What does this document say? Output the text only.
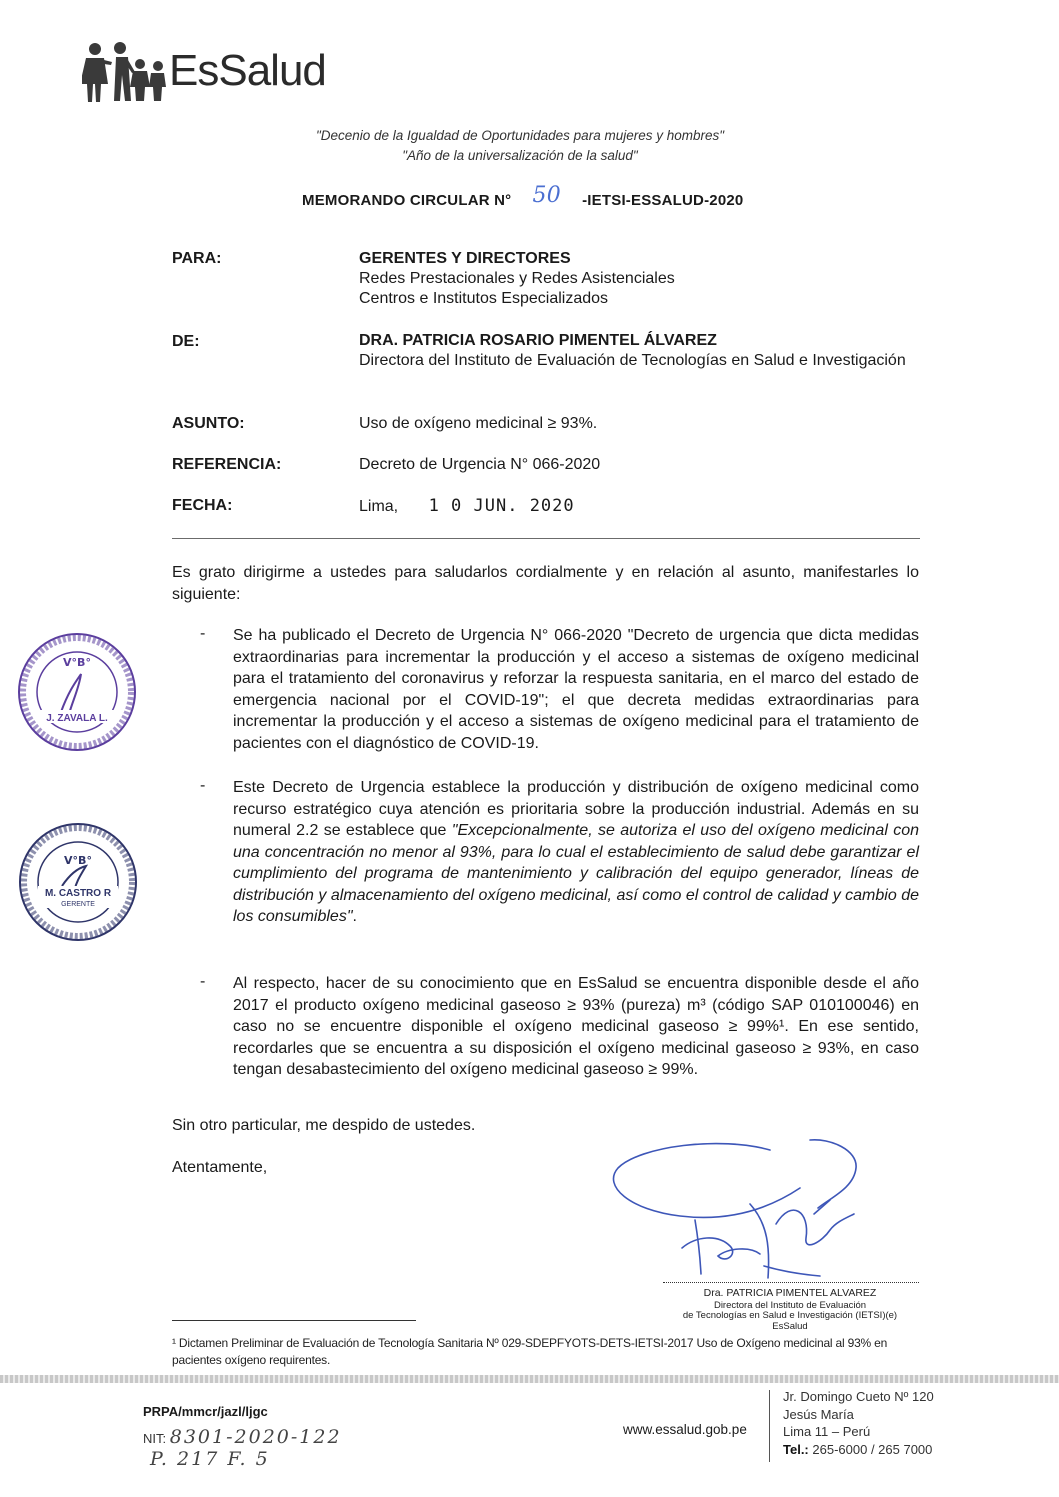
EsSalud
"Decenio de la Igualdad de Oportunidades para mujeres y hombres"
"Año de la universalización de la salud"
MEMORANDO CIRCULAR N° 50 -IETSI-ESSALUD-2020
PARA:	GERENTES Y DIRECTORES
Redes Prestacionales y Redes Asistenciales
Centros e Institutos Especializados
DE:	DRA. PATRICIA ROSARIO PIMENTEL ÁLVAREZ
Directora del Instituto de Evaluación de Tecnologías en Salud e Investigación
ASUNTO:	Uso de oxígeno medicinal ≥ 93%.
REFERENCIA:	Decreto de Urgencia N° 066-2020
FECHA:	Lima, 1 0 JUN. 2020
Es grato dirigirme a ustedes para saludarlos cordialmente y en relación al asunto, manifestarles lo siguiente:
- Se ha publicado el Decreto de Urgencia N° 066-2020 "Decreto de urgencia que dicta medidas extraordinarias para incrementar la producción y el acceso a sistemas de oxígeno medicinal para el tratamiento del coronavirus y reforzar la respuesta sanitaria, en el marco del estado de emergencia nacional por el COVID-19"; el que decreta medidas extraordinarias para incrementar la producción y el acceso a sistemas de oxígeno medicinal para el tratamiento de pacientes con el diagnóstico de COVID-19.
- Este Decreto de Urgencia establece la producción y distribución de oxígeno medicinal como recurso estratégico cuya atención es prioritaria sobre la producción industrial. Además en su numeral 2.2 se establece que "Excepcionalmente, se autoriza el uso del oxígeno medicinal con una concentración no menor al 93%, para lo cual el establecimiento de salud debe garantizar el cumplimiento del programa de mantenimiento y calibración del equipo generador, líneas de distribución y almacenamiento del oxígeno medicinal, así como el control de calidad y cambio de los consumibles".
- Al respecto, hacer de su conocimiento que en EsSalud se encuentra disponible desde el año 2017 el producto oxígeno medicinal gaseoso ≥ 93% (pureza) m³ (código SAP 010100046) en caso no se encuentre disponible el oxígeno medicinal gaseoso ≥ 99%¹. En ese sentido, recordarles que se encuentra a su disposición el oxígeno medicinal gaseoso ≥ 93%, en caso tengan desabastecimiento del oxígeno medicinal gaseoso ≥ 99%.
Sin otro particular, me despido de ustedes.
Atentamente,
V°B°
J. ZAVALA L.
V°B°
M. CASTRO R
GERENTE
Dra. PATRICIA PIMENTEL ALVAREZ
Directora del Instituto de Evaluación
de Tecnologías en Salud e Investigación (IETSI)(e)
EsSalud
¹ Dictamen Preliminar de Evaluación de Tecnología Sanitaria Nº 029-SDEPFYOTS-DETS-IETSI-2017 Uso de Oxígeno medicinal al 93% en pacientes oxígeno requirentes.
PRPA/mmcr/jazl/ljgc
NIT: 8301-2020-122
P. 217 F. 5
www.essalud.gob.pe
Jr. Domingo Cueto Nº 120
Jesús María
Lima 11 – Perú
Tel.: 265-6000 / 265 7000
